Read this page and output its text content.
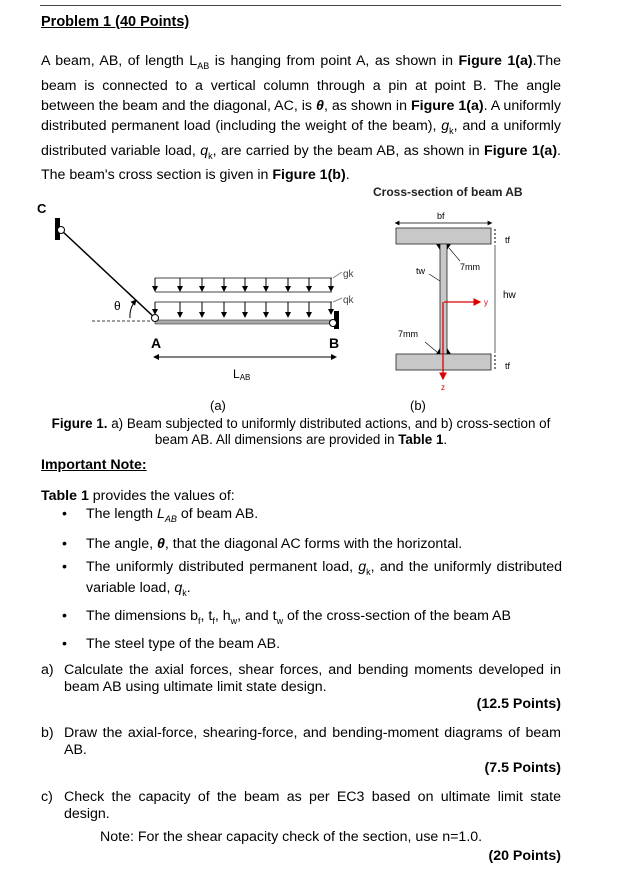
Problem 1 (40 Points)
A beam, AB, of length $L_{AB}$ is hanging from point A, as shown in Figure 1(a).The beam is connected to a vertical column through a pin at point B. The angle between the beam and the diagonal, AC, is θ, as shown in Figure 1(a). A uniformly distributed permanent load (including the weight of the beam), $g_k$, and a uniformly distributed variable load, $q_k$, are carried by the beam AB, as shown in Figure 1(a). The beam's cross section is given in Figure 1(b).
C
θ
gk
qk
A	B
LAB
(a)
Cross-section of beam AB
bf
tf
hw
tf
tw	7mm
7mm
y
z
(b)
Figure 1. a) Beam subjected to uniformly distributed actions, and b) cross-section of beam AB. All dimensions are provided in Table 1.
Important Note:
Table 1 provides the values of:
• The length $L_{AB}$ of beam AB.
• The angle, θ, that the diagonal AC forms with the horizontal.
• The uniformly distributed permanent load, $g_k$, and the uniformly distributed variable load, $q_k$.
• The dimensions $b_f$, $t_f$, $h_w$, and $t_w$ of the cross-section of the beam AB
• The steel type of the beam AB.
a) Calculate the axial forces, shear forces, and bending moments developed in beam AB using ultimate limit state design.
(12.5 Points)
b) Draw the axial-force, shearing-force, and bending-moment diagrams of beam AB.
(7.5 Points)
c) Check the capacity of the beam as per EC3 based on ultimate limit state design.
Note: For the shear capacity check of the section, use n=1.0.
(20 Points)
